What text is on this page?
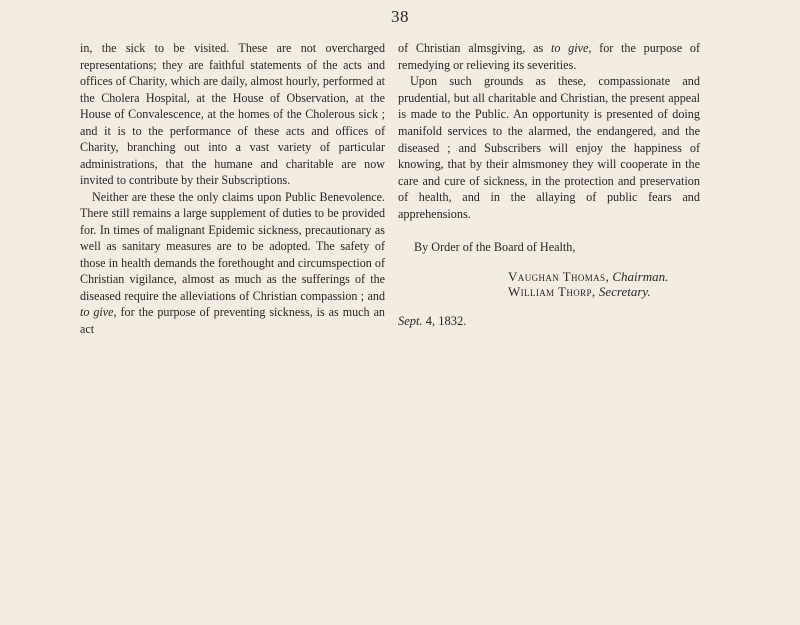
38

in, the sick to be visited. These are not overcharged representations; they are faithful statements of the acts and offices of Charity, which are daily, almost hourly, performed at the Cholera Hospital, at the House of Observation, at the House of Convalescence, at the homes of the Cholerous sick ; and it is to the performance of these acts and offices of Charity, branching out into a vast variety of particular administrations, that the humane and charitable are now invited to contribute by their Subscriptions.

Neither are these the only claims upon Public Benevolence. There still remains a large supplement of duties to be provided for. In times of malignant Epidemic sickness, precautionary as well as sanitary measures are to be adopted. The safety of those in health demands the forethought and circumspection of Christian vigilance, almost as much as the sufferings of the diseased require the alleviations of Christian compassion ; and to give, for the purpose of preventing sickness, is as much an act

of Christian almsgiving, as to give, for the purpose of remedying or relieving its severities.

Upon such grounds as these, compassionate and prudential, but all charitable and Christian, the present appeal is made to the Public. An opportunity is presented of doing manifold services to the alarmed, the endangered, and the diseased ; and Subscribers will enjoy the happiness of knowing, that by their almsmoney they will cooperate in the care and cure of sickness, in the protection and preservation of health, and in the allaying of public fears and apprehensions.

By Order of the Board of Health,

Vaughan Thomas, Chairman.
William Thorp, Secretary.
Sept. 4, 1832.
